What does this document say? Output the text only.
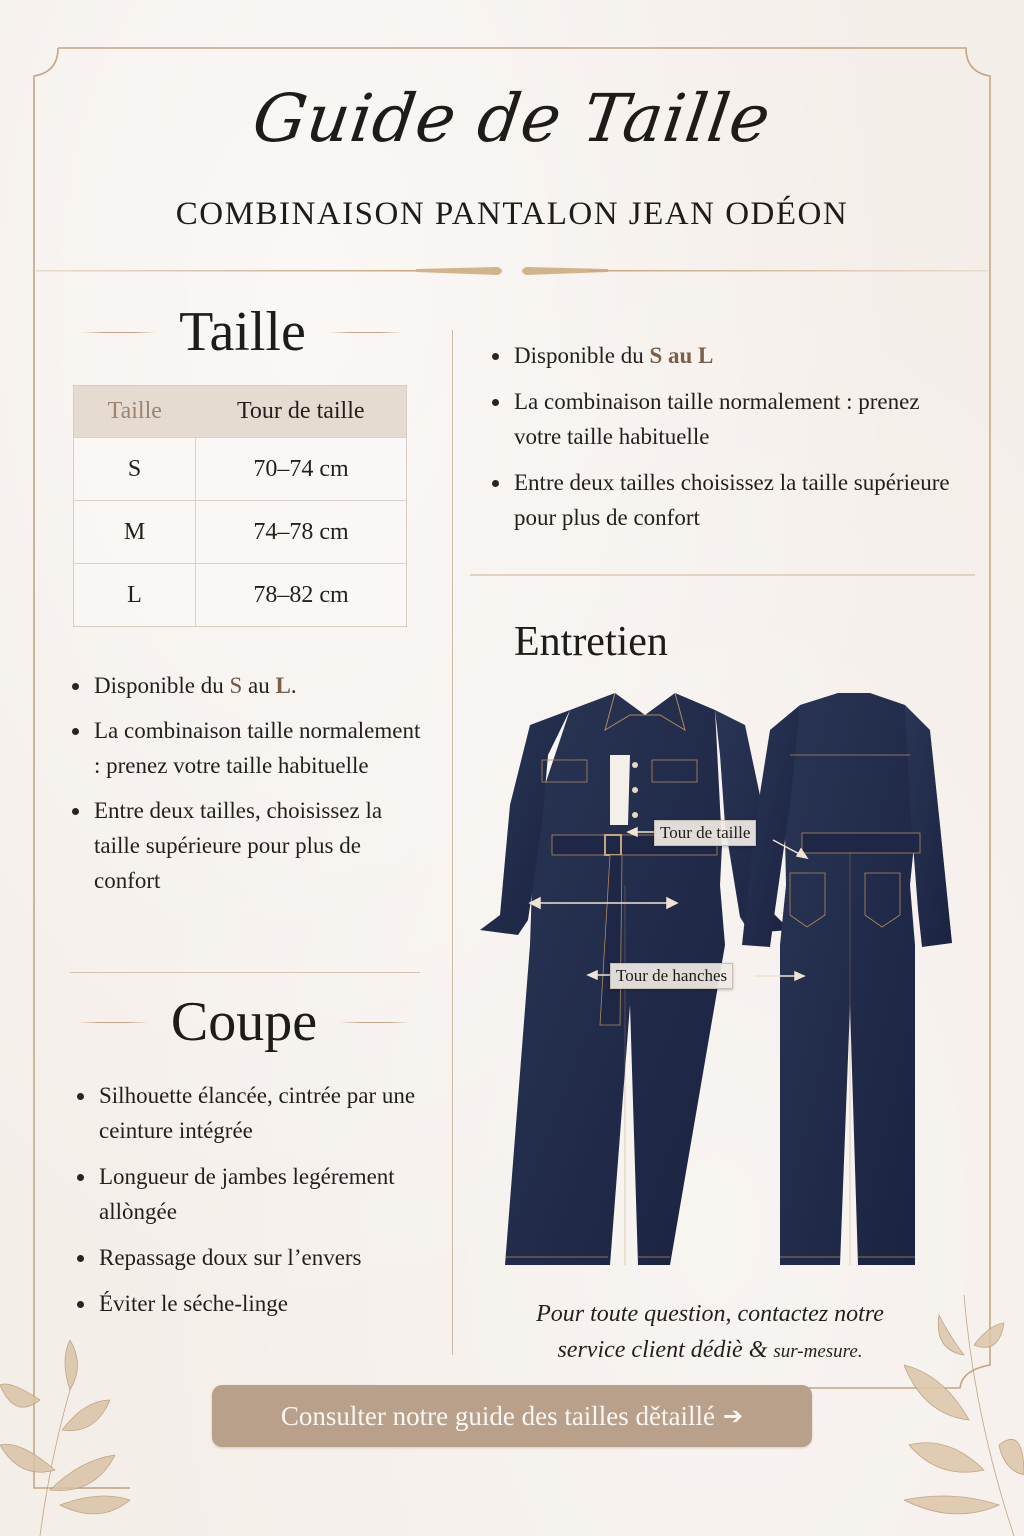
Guide de Taille
COMBINAISON PANTALON JEAN ODÉON
Taille
Taille	Tour de taille
S	70–74 cm
M	74–78 cm
L	78–82 cm
Disponible du S au L.
La combinaison taille normalement : prenez votre taille habituelle
Entre deux tailles, choisissez la taille supérieure pour plus de confort
Coupe
Silhouette élancée, cintrée par une ceinture intégrée
Longueur de jambes legérement allòngée
Repassage doux sur l’envers
Éviter le séche-linge
Disponible du S au L
La combinaison taille normalement : prenez votre taille habituelle
Entre deux tailles choisissez la taille supérieure pour plus de confort
Entretien
Tour de taille
Tour de hanches
Pour toute question, contactez notre
service client dédiè & sur-mesure.
Consulter notre guide des tailles dětaillé ➔
